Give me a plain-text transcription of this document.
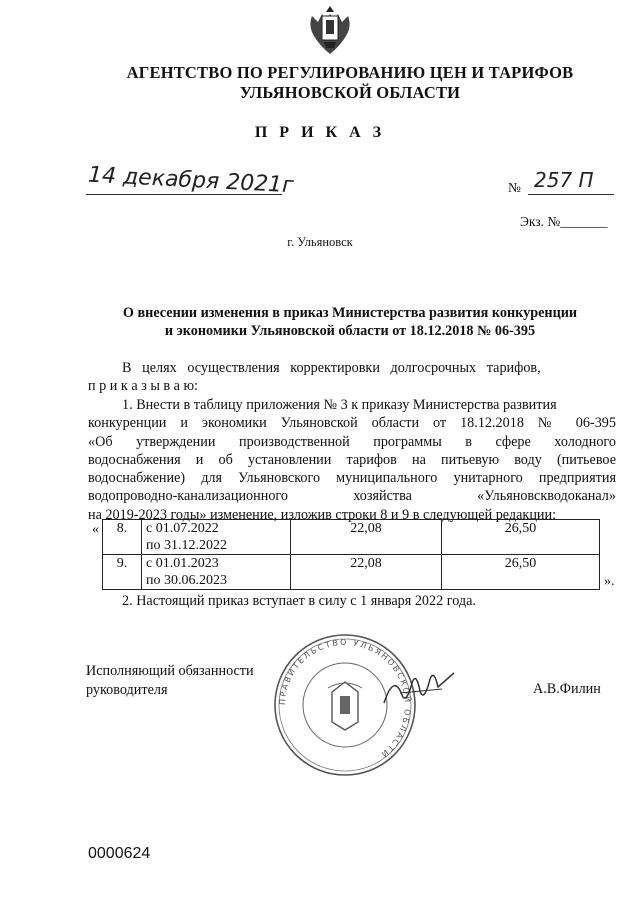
АГЕНТСТВО ПО РЕГУЛИРОВАНИЮ ЦЕН И ТАРИФОВ
УЛЬЯНОВСКОЙ ОБЛАСТИ
П Р И К А З
14 декабря 2021г	№ 257 П
Экз. №_______
г. Ульяновск
О внесении изменения в приказ Министерства развития конкуренции
и экономики Ульяновской области от 18.12.2018 № 06-395
В   целях   осуществления   корректировки   долгосрочных   тарифов,
п р и к а з ы в а ю:
1. Внести в таблицу приложения № 3 к приказу Министерства развития
конкуренции и экономики Ульяновской области от 18.12.2018 № 06-395
«Об утверждении производственной программы в сфере холодного
водоснабжения и об установлении тарифов на питьевую воду (питьевое
водоснабжение) для Ульяновского муниципального унитарного предприятия
водопроводно-канализационного хозяйства «Ульяновскводоканал»
на 2019-2023 годы» изменение, изложив строки 8 и 9 в следующей редакции:
« 8.	с 01.07.2022
по 31.12.2022	22,08	26,50
9.	с 01.01.2023
по 30.06.2023	22,08	26,50
».
2. Настоящий приказ вступает в силу с 1 января 2022 года.
Исполняющий обязанности
руководителя
ПРАВИТЕЛЬСТВО УЛЬЯНОВСКОЙ ОБЛАСТИ
А.В.Филин
0000624
